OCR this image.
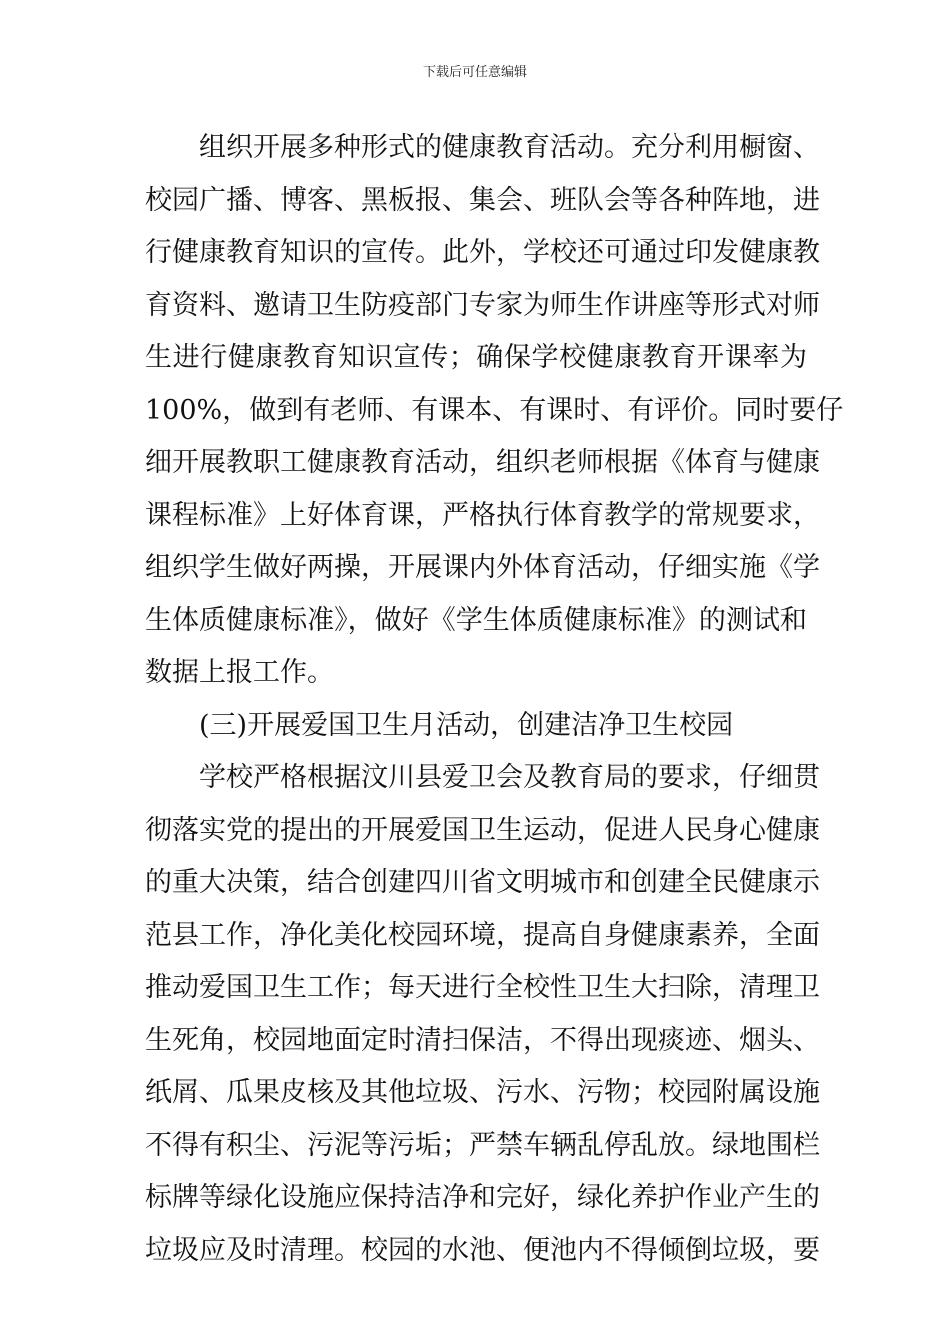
下载后可任意编辑
组织开展多种形式的健康教育活动。充分利用橱窗、
校园广播、博客、黑板报、集会、班队会等各种阵地，进
行健康教育知识的宣传。此外，学校还可通过印发健康教
育资料、邀请卫生防疫部门专家为师生作讲座等形式对师
生进行健康教育知识宣传；确保学校健康教育开课率为
100%，做到有老师、有课本、有课时、有评价。同时要仔
细开展教职工健康教育活动，组织老师根据《体育与健康
课程标准》上好体育课，严格执行体育教学的常规要求，
组织学生做好两操，开展课内外体育活动，仔细实施《学
生体质健康标准》，做好《学生体质健康标准》的测试和
数据上报工作。
(三)开展爱国卫生月活动，创建洁净卫生校园
学校严格根据汶川县爱卫会及教育局的要求，仔细贯
彻落实党的提出的开展爱国卫生运动，促进人民身心健康
的重大决策，结合创建四川省文明城市和创建全民健康示
范县工作，净化美化校园环境，提高自身健康素养，全面
推动爱国卫生工作；每天进行全校性卫生大扫除，清理卫
生死角，校园地面定时清扫保洁，不得出现痰迹、烟头、
纸屑、瓜果皮核及其他垃圾、污水、污物；校园附属设施
不得有积尘、污泥等污垢；严禁车辆乱停乱放。绿地围栏
标牌等绿化设施应保持洁净和完好，绿化养护作业产生的
垃圾应及时清理。校园的水池、便池内不得倾倒垃圾，要
